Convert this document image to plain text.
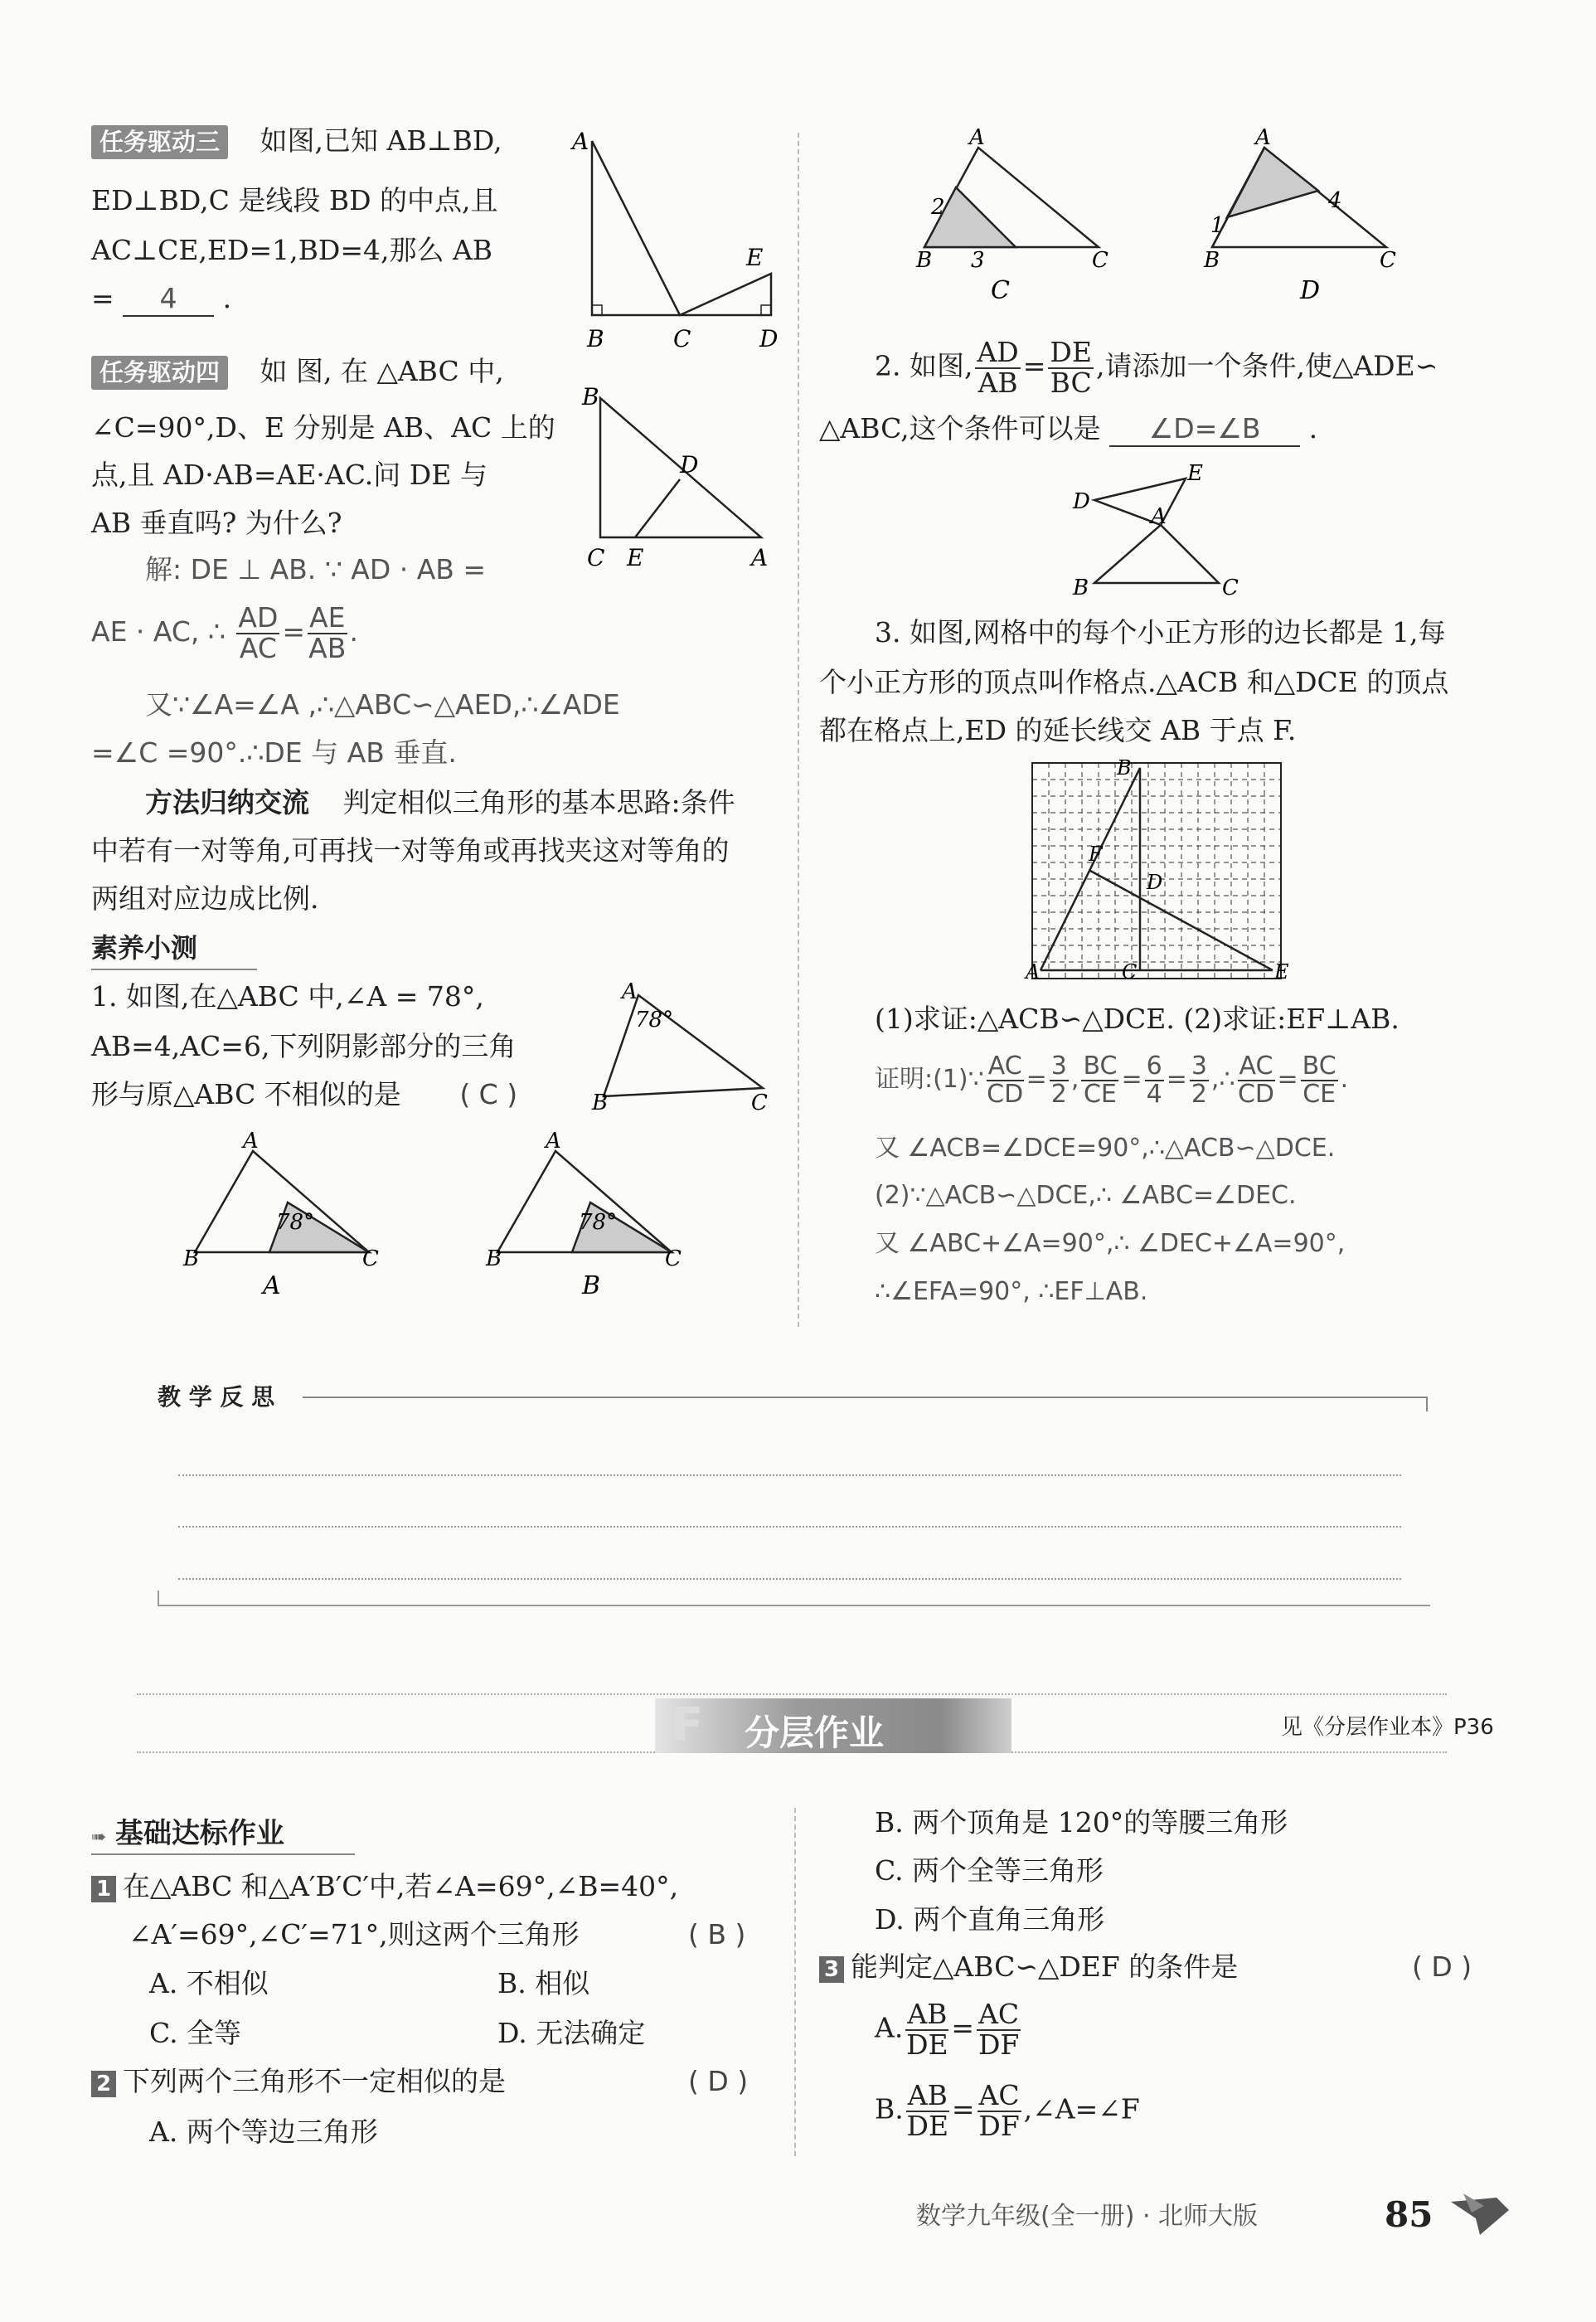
任务驱动三 如图,已知 AB⊥BD,
ED⊥BD,C 是线段 BD 的中点,且
AC⊥CE,ED=1,BD=4,那么 AB
= 4 .
A
B	C	D
E
任务驱动四 如 图, 在 △ABC 中,
∠C=90°,D、E 分别是 AB、AC 上的
点,且 AD·AB=AE·AC.问 DE 与
AB 垂直吗? 为什么?
B
C E	A
D
解: DE ⊥ AB. ∵ AD · AB =
AE · AC, ∴ $\frac{AD}{AC} = \frac{AE}{AB}$ .
又∵∠A=∠A ,∴△ABC∽△AED,∴∠ADE
=∠C =90°.∴DE 与 AB 垂直.
方法归纳交流 判定相似三角形的基本思路:条件
中若有一对等角,可再找一对等角或再找夹这对等角的
两组对应边成比例.
素养小测
1. 如图,在△ABC 中,∠A = 78°,
AB=4,AC=6,下列阴影部分的三角
形与原△ABC 不相似的是 ( C )
A
B	C
78°
A
B	C
78°
A
A
B	C
78°
B
A
B	C
2
3
C
A
B	C
1
4
D
2. 如图, $\frac{AD}{AB} = \frac{DE}{BC}$ ,请添加一个条件,使△ADE∽
△ABC,这个条件可以是 ∠D=∠B .
D
E
A
B	C
3. 如图,网格中的每个小正方形的边长都是 1,每
个小正方形的顶点叫作格点.△ACB 和△DCE 的顶点
都在格点上,ED 的延长线交 AB 于点 F.
A
B
C
D
E
F
(1)求证:△ACB∽△DCE. (2)求证:EF⊥AB.
证明:(1)∵ $\frac{AC}{CD} = \frac{3}{2}$ , $\frac{BC}{CE} = \frac{6}{4} = \frac{3}{2}$ ,∴ $\frac{AC}{CD} = \frac{BC}{CE}$ .
又 ∠ACB=∠DCE=90°,∴△ACB∽△DCE.
(2)∵△ACB∽△DCE,∴ ∠ABC=∠DEC.
又 ∠ABC+∠A=90°,∴ ∠DEC+∠A=90°,
∴∠EFA=90°, ∴EF⊥AB.
教 学 反 思
分层作业
F	见《分层作业本》P36
➠ 基础达标作业
1 在△ABC 和△A′B′C′中,若∠A=69°,∠B=40°,
∠A′=69°,∠C′=71°,则这两个三角形	( B )
A. 不相似	B. 相似
C. 全等	D. 无法确定
2 下列两个三角形不一定相似的是	( D )
A. 两个等边三角形
B. 两个顶角是 120°的等腰三角形
C. 两个全等三角形
D. 两个直角三角形
3 能判定△ABC∽△DEF 的条件是	( D )
A. $\frac{AB}{DE} = \frac{AC}{DF}$
B. $\frac{AB}{DE} = \frac{AC}{DF}$ ,∠A=∠F
数学九年级(全一册) · 北师大版	85
